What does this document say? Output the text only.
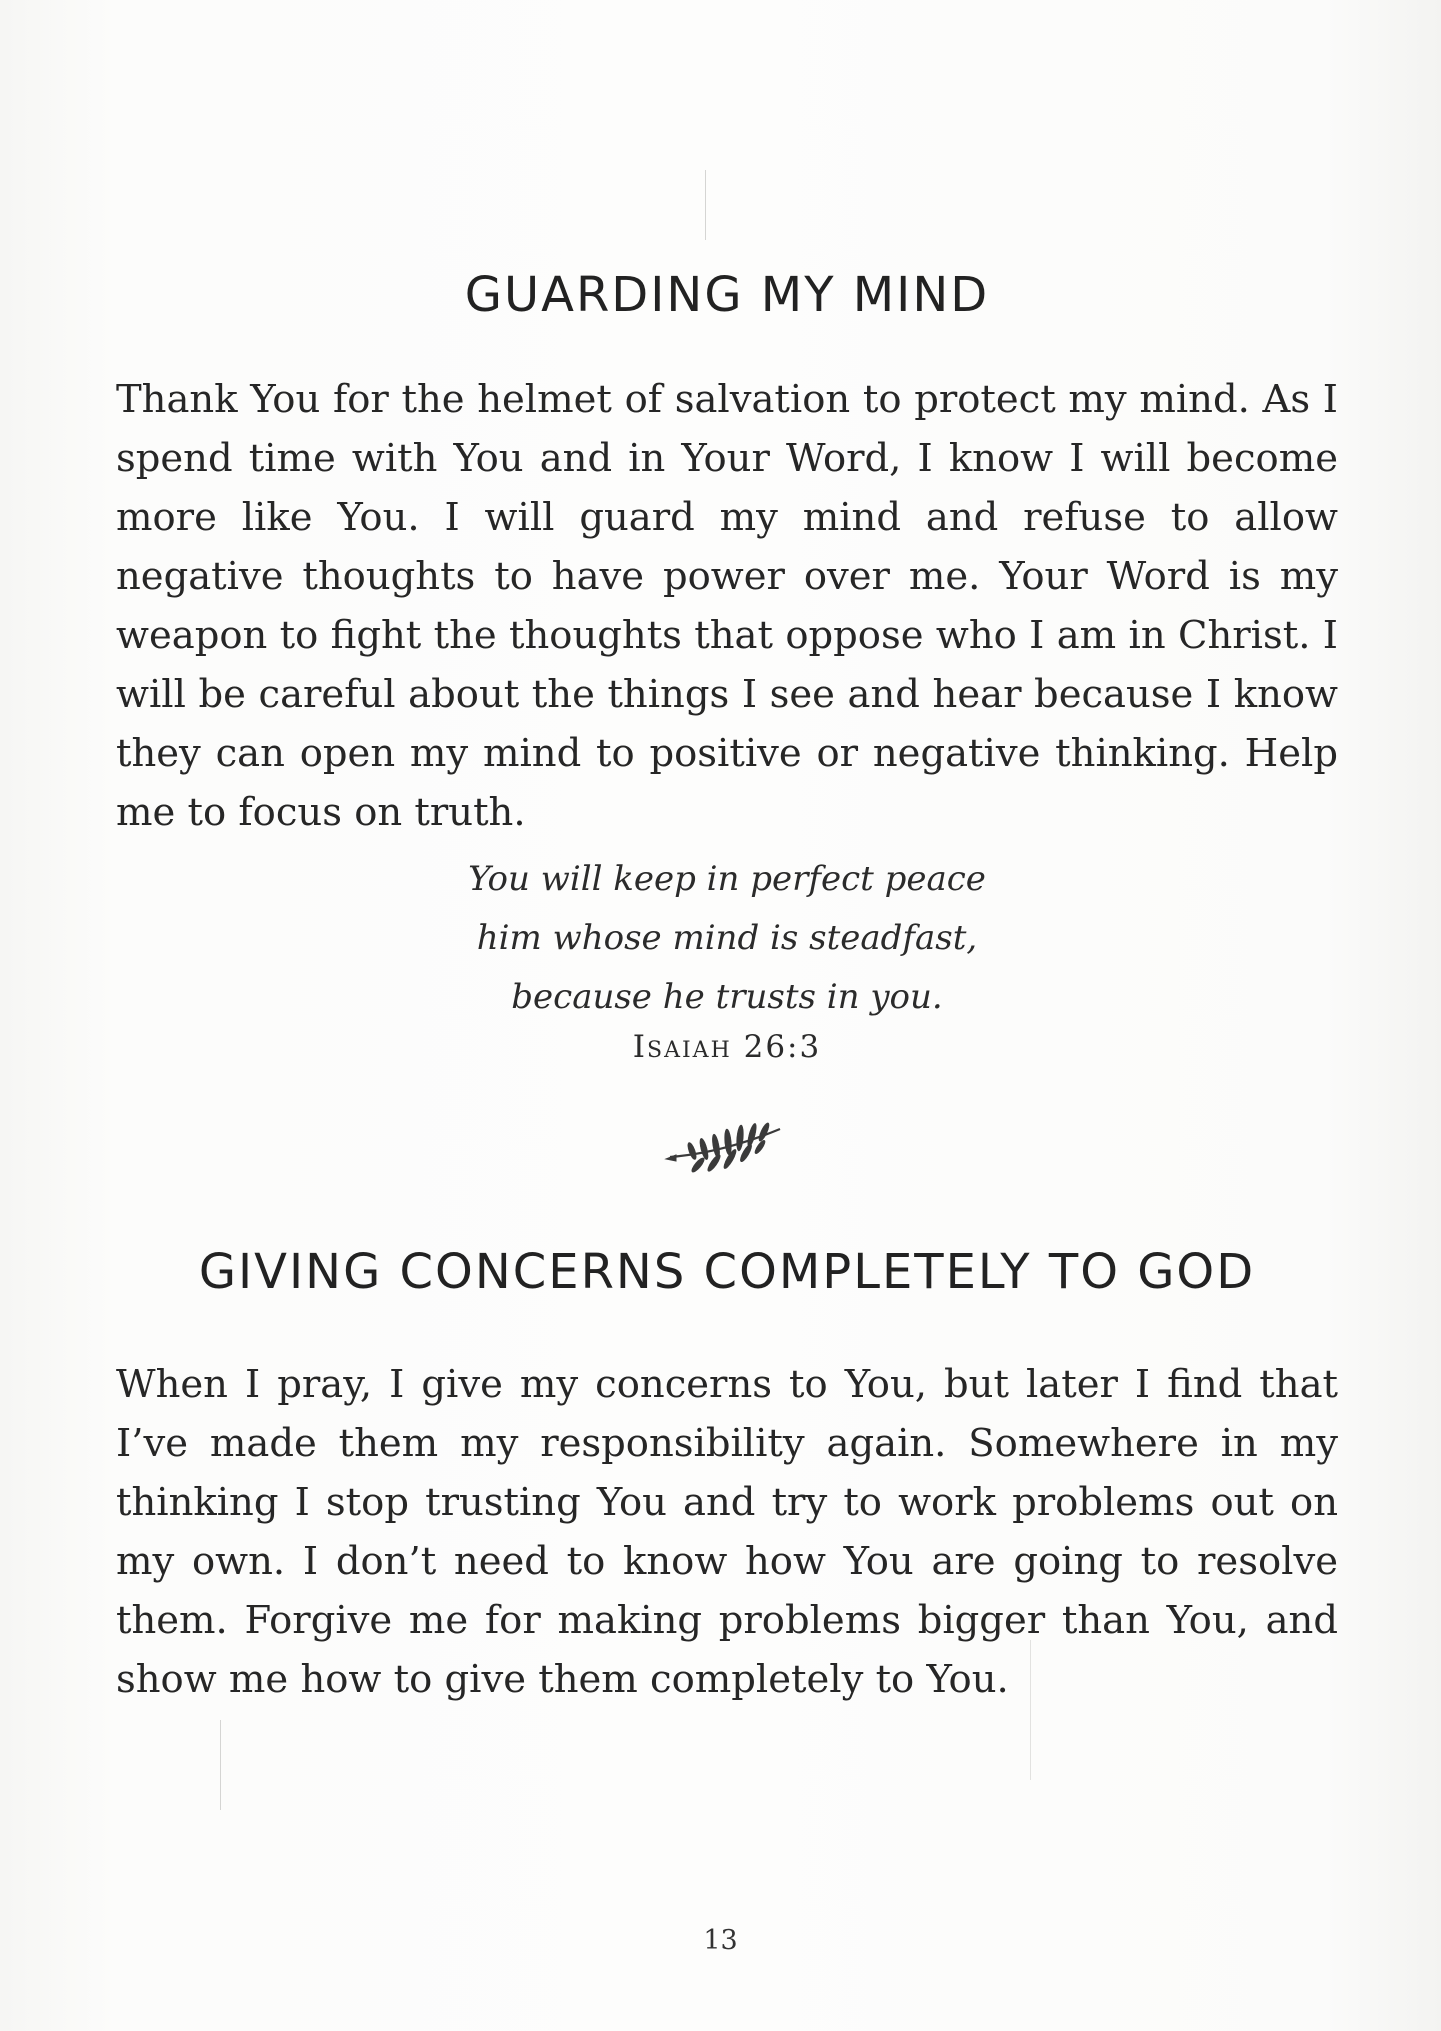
GUARDING MY MIND

Thank You for the helmet of salvation to protect my mind. As I spend time with You and in Your Word, I know I will become more like You. I will guard my mind and refuse to allow negative thoughts to have power over me. Your Word is my weapon to fight the thoughts that oppose who I am in Christ. I will be careful about the things I see and hear because I know they can open my mind to positive or negative thinking. Help me to focus on truth.

You will keep in perfect peace
him whose mind is steadfast,
because he trusts in you.
Isaiah 26:3
GIVING CONCERNS COMPLETELY TO GOD

When I pray, I give my concerns to You, but later I find that I’ve made them my responsibility again. Somewhere in my thinking I stop trusting You and try to work problems out on my own. I don’t need to know how You are going to resolve them. Forgive me for making problems bigger than You, and show me how to give them completely to You.

13
